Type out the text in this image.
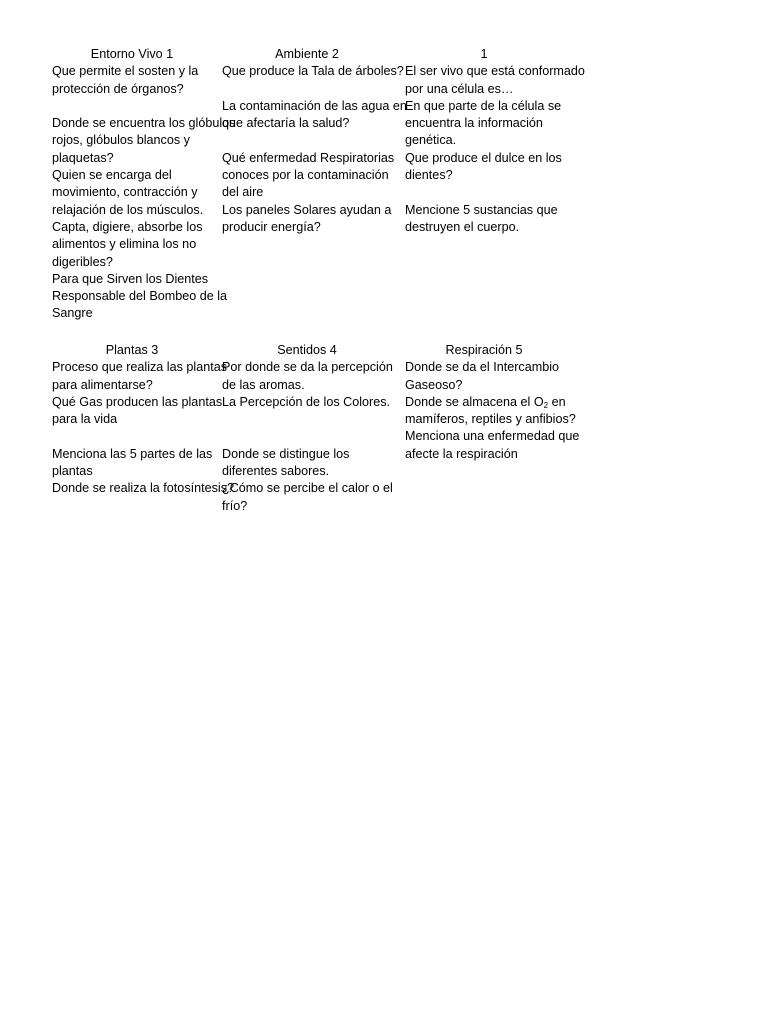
Entorno Vivo 1
Que permite el sosten y la protección de órganos?
Donde se encuentra los glóbulos rojos, glóbulos blancos y plaquetas?
Quien se encarga del movimiento, contracción y relajación de los músculos.
Capta, digiere, absorbe los alimentos y elimina los no digeribles?
Para que Sirven los Dientes
Responsable del Bombeo de la Sangre
Ambiente 2
Que produce la Tala de árboles?
La contaminación de las agua en que afectaría la salud?
Qué enfermedad Respiratorias conoces por la contaminación del aire
Los paneles Solares ayudan a producir energía?
1
El ser vivo que está conformado por una célula es…
En que parte de la célula se encuentra la información genética.
Que produce el dulce en los dientes?
Mencione 5 sustancias que destruyen el cuerpo.
Plantas 3
Proceso que realiza las plantas para alimentarse?
Qué Gas producen las plantas para la vida
Menciona las 5 partes de las plantas
Donde se realiza la fotosíntesis?
Sentidos 4
Por donde se da la percepción de las aromas.
La Percepción de los Colores.
Donde se distingue los diferentes sabores.
¿Cómo se percibe el calor o el frío?
Respiración 5
Donde se da el Intercambio Gaseoso?
Donde se almacena el $O_2$ en mamíferos, reptiles y anfibios?
Menciona una enfermedad que afecte la respiración
